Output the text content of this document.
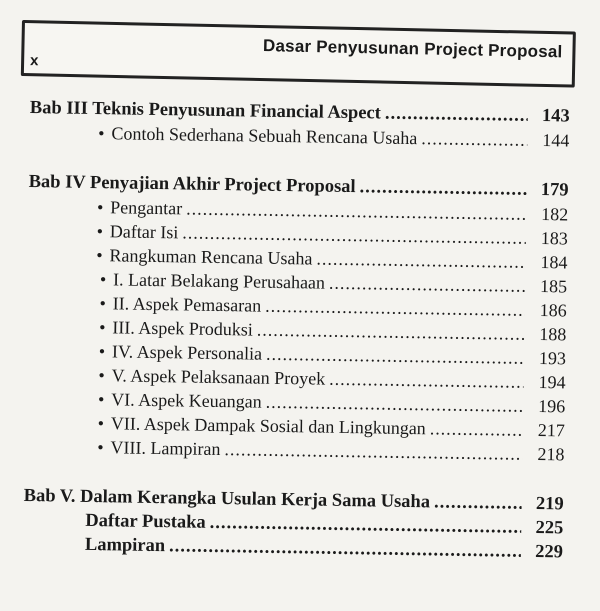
Dasar Penyusunan Project Proposal
x
Bab III Teknis Penyusunan Financial Aspect .....	143
• Contoh Sederhana Sebuah Rencana Usaha .....	144
Bab IV Penyajian Akhir Project Proposal .....	179
• Pengantar .....	182
• Daftar Isi .....	183
• Rangkuman Rencana Usaha .....	184
• I. Latar Belakang Perusahaan .....	185
• II. Aspek Pemasaran .....	186
• III. Aspek Produksi .....	188
• IV. Aspek Personalia .....	193
• V. Aspek Pelaksanaan Proyek .....	194
• VI. Aspek Keuangan .....	196
• VII. Aspek Dampak Sosial dan Lingkungan .....	217
• VIII. Lampiran .....	218
Bab V. Dalam Kerangka Usulan Kerja Sama Usaha .....	219
Daftar Pustaka .....	225
Lampiran .....	229
